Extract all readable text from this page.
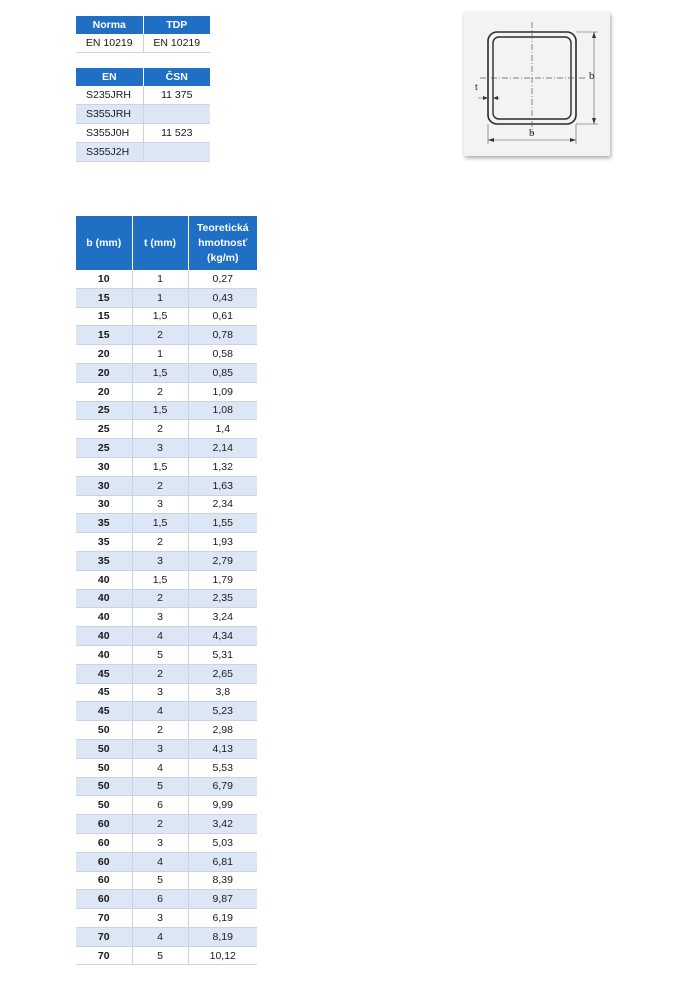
Norma	TDP
EN 10219	EN 10219
EN	ČSN
S235JRH	11 375
S355JRH	
S355J0H	11 523
S355J2H	
b (mm)	t (mm)	Teoretická hmotnosť (kg/m)
10	1	0,27
15	1	0,43
15	1,5	0,61
15	2	0,78
20	1	0,58
20	1,5	0,85
20	2	1,09
25	1,5	1,08
25	2	1,4
25	3	2,14
30	1,5	1,32
30	2	1,63
30	3	2,34
35	1,5	1,55
35	2	1,93
35	3	2,79
40	1,5	1,79
40	2	2,35
40	3	3,24
40	4	4,34
40	5	5,31
45	2	2,65
45	3	3,8
45	4	5,23
50	2	2,98
50	3	4,13
50	4	5,53
50	5	6,79
50	6	9,99
60	2	3,42
60	3	5,03
60	4	6,81
60	5	8,39
60	6	9,87
70	3	6,19
70	4	8,19
70	5	10,12
b
b
t
